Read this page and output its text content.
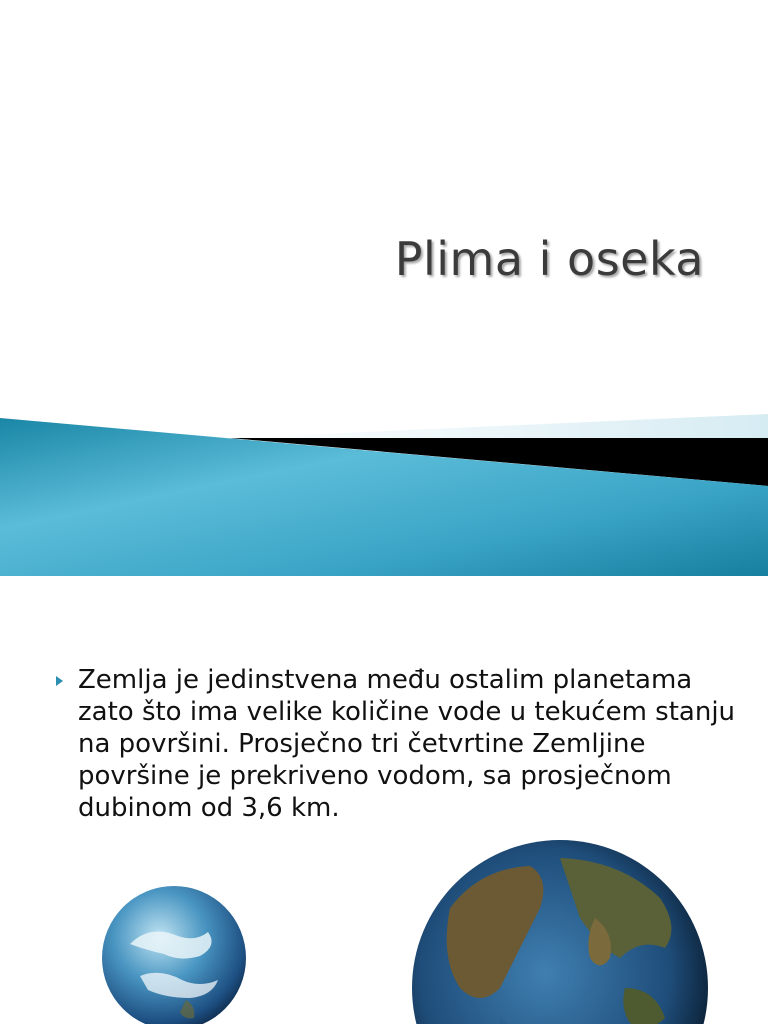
Plima i oseka
Zemlja je jedinstvena među ostalim planetama zato što ima velike količine vode u tekućem stanju na površini. Prosječno tri četvrtine Zemljine površine je prekriveno vodom, sa prosječnom dubinom od 3,6 km.
